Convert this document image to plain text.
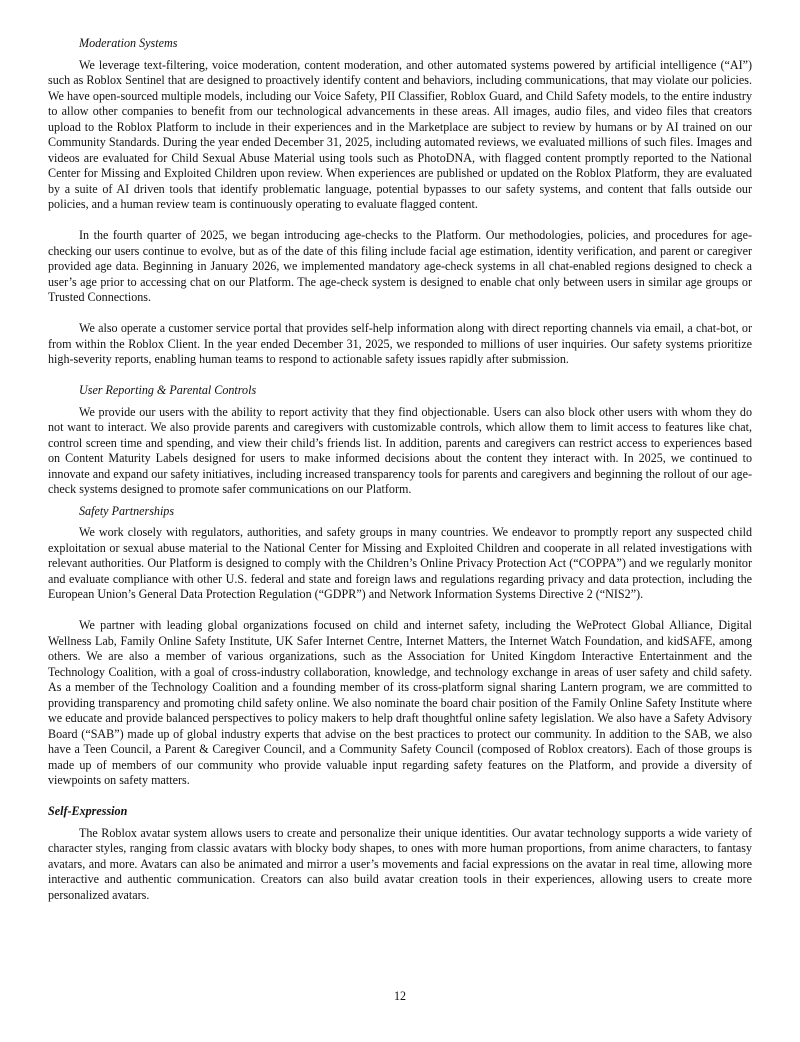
Moderation Systems

We leverage text-filtering, voice moderation, content moderation, and other automated systems powered by artificial intelligence (“AI”) such as Roblox Sentinel that are designed to proactively identify content and behaviors, including communications, that may violate our policies. We have open-sourced multiple models, including our Voice Safety, PII Classifier, Roblox Guard, and Child Safety models, to the entire industry to allow other companies to benefit from our technological advancements in these areas. All images, audio files, and video files that creators upload to the Roblox Platform to include in their experiences and in the Marketplace are subject to review by humans or by AI trained on our Community Standards. During the year ended December 31, 2025, including automated reviews, we evaluated millions of such files. Images and videos are evaluated for Child Sexual Abuse Material using tools such as PhotoDNA, with flagged content promptly reported to the National Center for Missing and Exploited Children upon review. When experiences are published or updated on the Roblox Platform, they are evaluated by a suite of AI driven tools that identify problematic language, potential bypasses to our safety systems, and content that falls outside our policies, and a human review team is continuously operating to evaluate flagged content.

In the fourth quarter of 2025, we began introducing age-checks to the Platform. Our methodologies, policies, and procedures for age-checking our users continue to evolve, but as of the date of this filing include facial age estimation, identity verification, and parent or caregiver provided age data. Beginning in January 2026, we implemented mandatory age-check systems in all chat-enabled regions designed to check a user’s age prior to accessing chat on our Platform. The age-check system is designed to enable chat only between users in similar age groups or Trusted Connections.

We also operate a customer service portal that provides self-help information along with direct reporting channels via email, a chat-bot, or from within the Roblox Client. In the year ended December 31, 2025, we responded to millions of user inquiries. Our safety systems prioritize high-severity reports, enabling human teams to respond to actionable safety issues rapidly after submission.

User Reporting & Parental Controls

We provide our users with the ability to report activity that they find objectionable. Users can also block other users with whom they do not want to interact. We also provide parents and caregivers with customizable controls, which allow them to limit access to features like chat, control screen time and spending, and view their child’s friends list. In addition, parents and caregivers can restrict access to experiences based on Content Maturity Labels designed for users to make informed decisions about the content they interact with. In 2025, we continued to innovate and expand our safety initiatives, including increased transparency tools for parents and caregivers and beginning the rollout of our age-check systems designed to promote safer communications on our Platform.

Safety Partnerships

We work closely with regulators, authorities, and safety groups in many countries. We endeavor to promptly report any suspected child exploitation or sexual abuse material to the National Center for Missing and Exploited Children and cooperate in all related investigations with relevant authorities. Our Platform is designed to comply with the Children’s Online Privacy Protection Act (“COPPA”) and we regularly monitor and evaluate compliance with other U.S. federal and state and foreign laws and regulations regarding privacy and data protection, including the European Union’s General Data Protection Regulation (“GDPR”) and Network Information Systems Directive 2 (“NIS2”).

We partner with leading global organizations focused on child and internet safety, including the WeProtect Global Alliance, Digital Wellness Lab, Family Online Safety Institute, UK Safer Internet Centre, Internet Matters, the Internet Watch Foundation, and kidSAFE, among others. We are also a member of various organizations, such as the Association for United Kingdom Interactive Entertainment and the Technology Coalition, with a goal of cross-industry collaboration, knowledge, and technology exchange in areas of user safety and child safety. As a member of the Technology Coalition and a founding member of its cross-platform signal sharing Lantern program, we are committed to providing transparency and promoting child safety online. We also nominate the board chair position of the Family Online Safety Institute where we educate and provide balanced perspectives to policy makers to help draft thoughtful online safety legislation. We also have a Safety Advisory Board (“SAB”) made up of global industry experts that advise on the best practices to protect our community. In addition to the SAB, we also have a Teen Council, a Parent & Caregiver Council, and a Community Safety Council (composed of Roblox creators). Each of those groups is made up of members of our community who provide valuable input regarding safety features on the Platform, and provide a diversity of viewpoints on safety matters.

Self-Expression

The Roblox avatar system allows users to create and personalize their unique identities. Our avatar technology supports a wide variety of character styles, ranging from classic avatars with blocky body shapes, to ones with more human proportions, from anime characters, to fantasy avatars, and more. Avatars can also be animated and mirror a user’s movements and facial expressions on the avatar in real time, allowing more interactive and authentic communication. Creators can also build avatar creation tools in their experiences, allowing users to create more personalized avatars.

12
